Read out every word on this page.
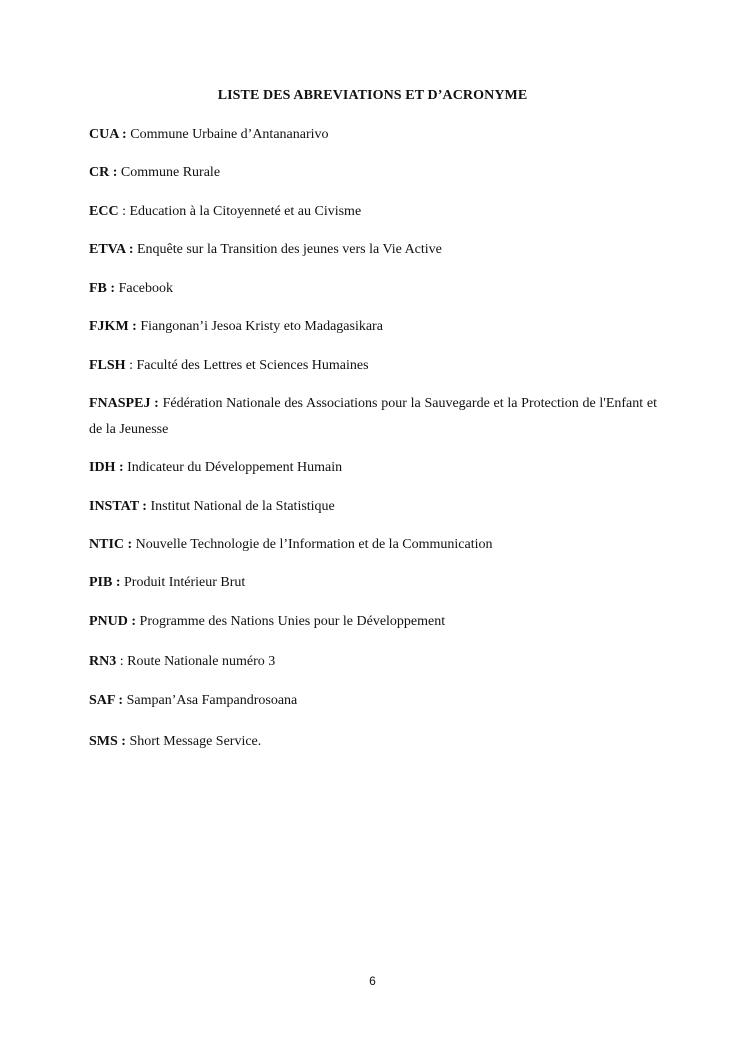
LISTE DES ABREVIATIONS ET D’ACRONYME
CUA : Commune Urbaine d’Antananarivo
CR : Commune Rurale
ECC : Education à la Citoyenneté et au Civisme
ETVA : Enquête sur la Transition des jeunes vers la Vie Active
FB : Facebook
FJKM : Fiangonan’i Jesoa Kristy eto Madagasikara
FLSH : Faculté des Lettres et Sciences Humaines
FNASPEJ : Fédération Nationale des Associations pour la Sauvegarde et la Protection de l'Enfant et de la Jeunesse
IDH : Indicateur du Développement Humain
INSTAT : Institut National de la Statistique
NTIC : Nouvelle Technologie de l’Information et de la Communication
PIB : Produit Intérieur Brut
PNUD : Programme des Nations Unies pour le Développement
RN3 : Route Nationale numéro 3
SAF : Sampan’Asa Fampandrosoana
SMS : Short Message Service.
6
